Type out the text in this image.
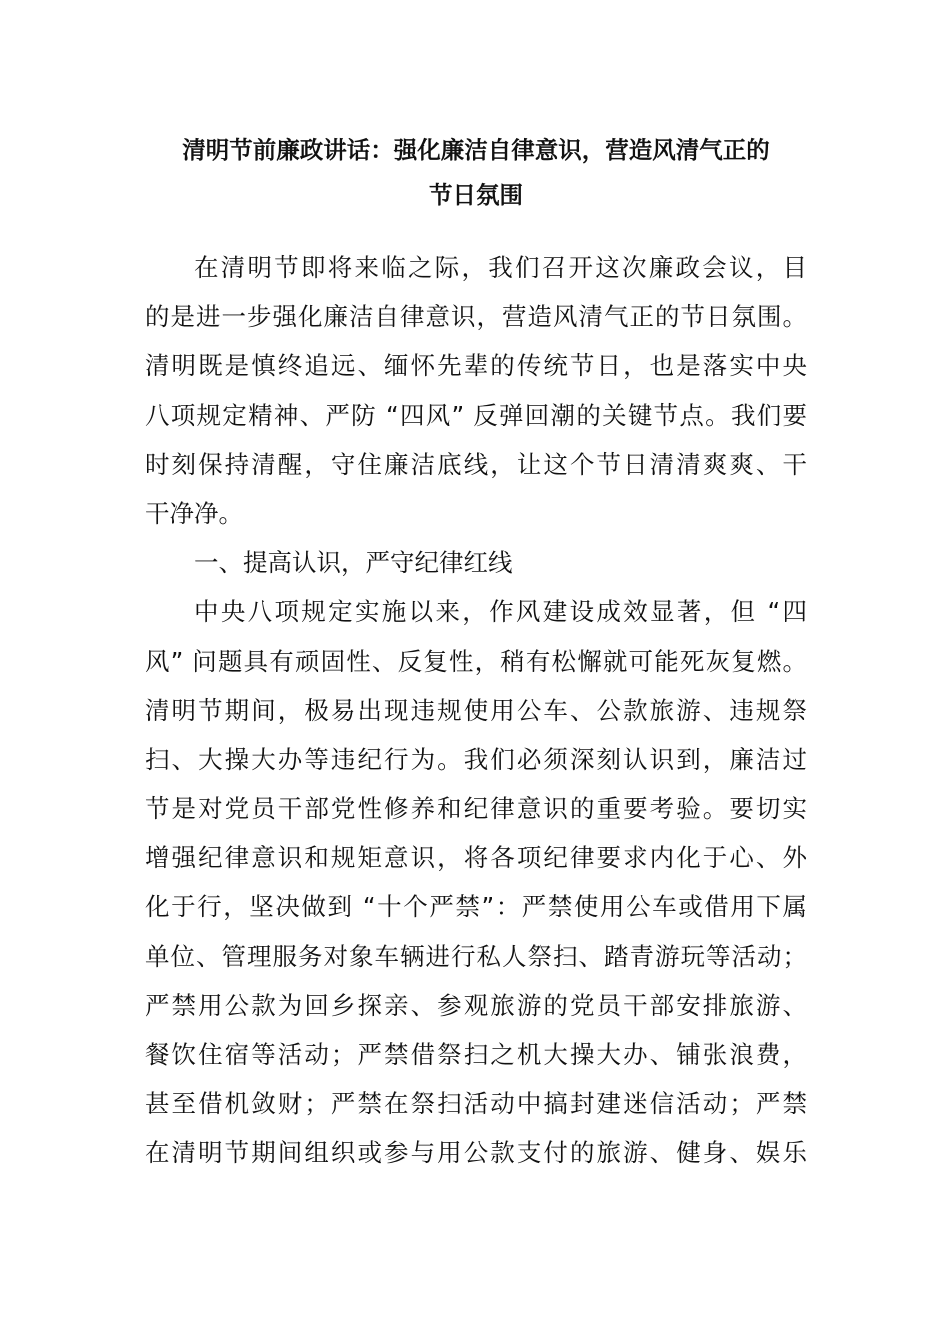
清明节前廉政讲话：强化廉洁自律意识，营造风清气正的
节日氛围
在清明节即将来临之际，我们召开这次廉政会议，目
的是进一步强化廉洁自律意识，营造风清气正的节日氛围。
清明既是慎终追远、缅怀先辈的传统节日，也是落实中央
八项规定精神、严防 “四风” 反弹回潮的关键节点。我们要
时刻保持清醒，守住廉洁底线，让这个节日清清爽爽、干
干净净。
一、提高认识，严守纪律红线
中央八项规定实施以来，作风建设成效显著，但 “四
风” 问题具有顽固性、反复性，稍有松懈就可能死灰复燃。
清明节期间，极易出现违规使用公车、公款旅游、违规祭
扫、大操大办等违纪行为。我们必须深刻认识到，廉洁过
节是对党员干部党性修养和纪律意识的重要考验。要切实
增强纪律意识和规矩意识，将各项纪律要求内化于心、外
化于行，坚决做到 “十个严禁”：严禁使用公车或借用下属
单位、管理服务对象车辆进行私人祭扫、踏青游玩等活动；
严禁用公款为回乡探亲、参观旅游的党员干部安排旅游、
餐饮住宿等活动；严禁借祭扫之机大操大办、铺张浪费，
甚至借机敛财；严禁在祭扫活动中搞封建迷信活动；严禁
在清明节期间组织或参与用公款支付的旅游、健身、娱乐
